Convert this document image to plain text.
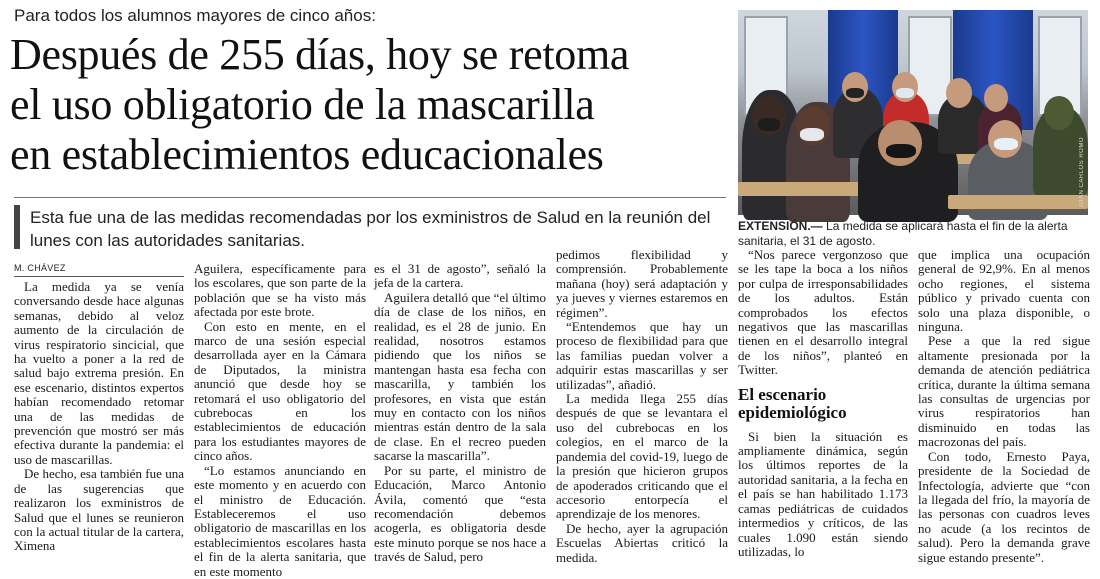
Para todos los alumnos mayores de cinco años:
Después de 255 días, hoy se retoma
el uso obligatorio de la mascarilla
en establecimientos educacionales	JUAN CARLOS ROMO
EXTENSIÓN.— La medida se aplicará hasta el fin de la alerta sanitaria, el 31 de agosto.
Esta fue una de las medidas recomendadas por los exministros de Salud en la reunión del lunes con las autoridades sanitarias.
M. CHÁVEZ

La medida ya se venía conversando desde hace algunas semanas, debido al veloz aumento de la circulación de virus respiratorio sincicial, que ha vuelto a poner a la red de salud bajo extrema presión. En ese escenario, distintos expertos habían recomendado retomar una de las medidas de prevención que mostró ser más efectiva durante la pandemia: el uso de mascarillas.

De hecho, esa también fue una de las sugerencias que realizaron los exministros de Salud que el lunes se reunieron con la actual titular de la cartera, Ximena

Aguilera, específicamente para los escolares, que son parte de la población que se ha visto más afectada por este brote.

Con esto en mente, en el marco de una sesión especial desarrollada ayer en la Cámara de Diputados, la ministra anunció que desde hoy se retomará el uso obligatorio del cubrebocas en los establecimientos de educación para los estudiantes mayores de cinco años.

“Lo estamos anunciando en este momento y en acuerdo con el ministro de Educación. Estableceremos el uso obligatorio de mascarillas en los establecimientos escolares hasta el fin de la alerta sanitaria, que en este momento

es el 31 de agosto”, señaló la jefa de la cartera.

Aguilera detalló que “el último día de clase de los niños, en realidad, es el 28 de junio. En realidad, nosotros estamos pidiendo que los niños se mantengan hasta esa fecha con mascarilla, y también los profesores, en vista que están muy en contacto con los niños mientras están dentro de la sala de clase. En el recreo pueden sacarse la mascarilla”.

Por su parte, el ministro de Educación, Marco Antonio Ávila, comentó que “esta recomendación debemos acogerla, es obligatoria desde este minuto porque se nos hace a través de Salud, pero

pedimos flexibilidad y comprensión. Probablemente mañana (hoy) será adaptación y ya jueves y viernes estaremos en régimen”.

“Entendemos que hay un proceso de flexibilidad para que las familias puedan volver a adquirir estas mascarillas y ser utilizadas”, añadió.

La medida llega 255 días después de que se levantara el uso del cubrebocas en los colegios, en el marco de la pandemia del covid-19, luego de la presión que hicieron grupos de apoderados criticando que el accesorio entorpecía el aprendizaje de los menores.

De hecho, ayer la agrupación Escuelas Abiertas criticó la medida.

“Nos parece vergonzoso que se les tape la boca a los niños por culpa de irresponsabilidades de los adultos. Están comprobados los efectos negativos que las mascarillas tienen en el desarrollo integral de los niños”, planteó en Twitter.

El escenario epidemiológico

Si bien la situación es ampliamente dinámica, según los últimos reportes de la autoridad sanitaria, a la fecha en el país se han habilitado 1.173 camas pediátricas de cuidados intermedios y críticos, de las cuales 1.090 están siendo utilizadas, lo

que implica una ocupación general de 92,9%. En al menos ocho regiones, el sistema público y privado cuenta con solo una plaza disponible, o ninguna.

Pese a que la red sigue altamente presionada por la demanda de atención pediátrica crítica, durante la última semana las consultas de urgencias por virus respiratorios han disminuido en todas las macrozonas del país.

Con todo, Ernesto Paya, presidente de la Sociedad de Infectología, advierte que “con la llegada del frío, la mayoría de las personas con cuadros leves no acude (a los recintos de salud). Pero la demanda grave sigue estando presente”.
